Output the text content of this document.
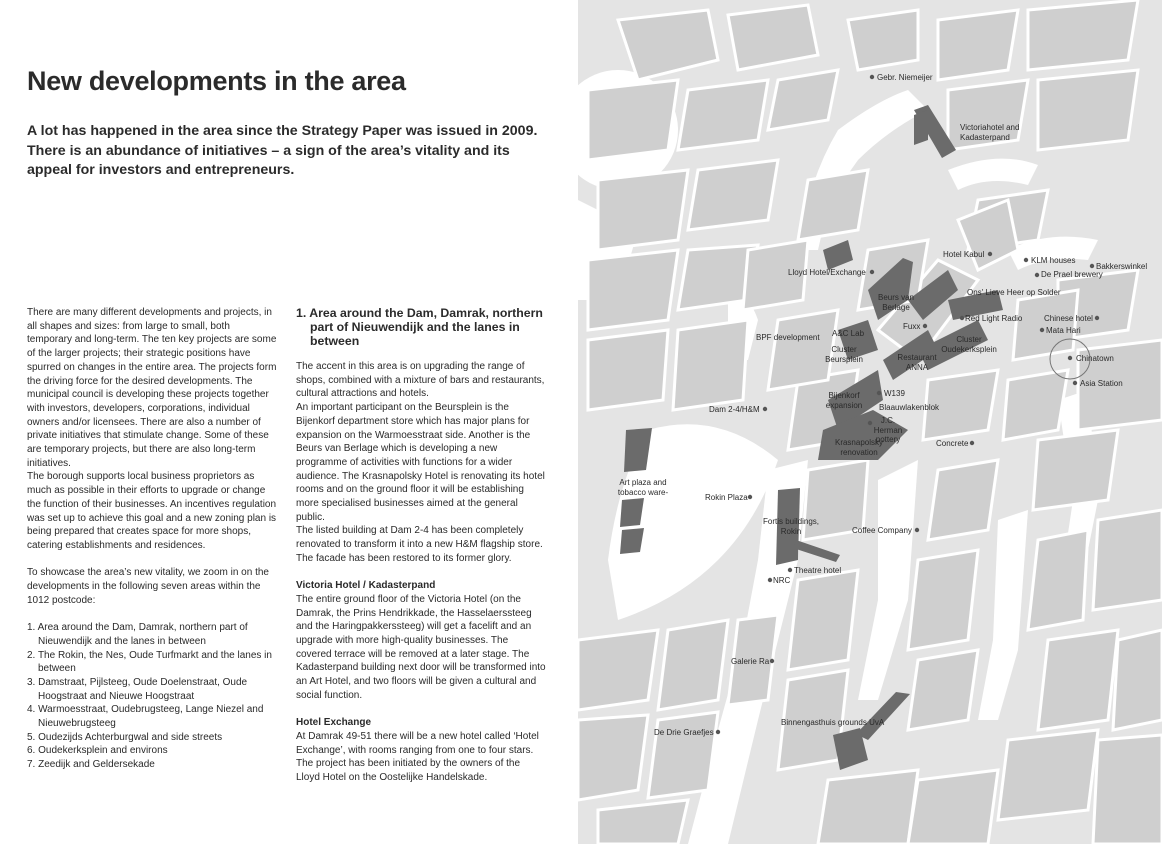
New developments in the area

A lot has happened in the area since the Strategy Paper was issued in 2009. There is an abundance of initiatives – a sign of the area’s vitality and its appeal for investors and entrepreneurs.

There are many different developments and projects, in all shapes and sizes: from large to small, both temporary and long-term. The ten key projects are some of the larger projects; their strategic positions have spurred on changes in the entire area. The projects form the driving force for the desired developments. The municipal council is developing these projects together with investors, developers, corporations, individual owners and/or licensees. There are also a number of private initiatives that stimulate change. Some of these are temporary projects, but there are also long-term initiatives.

The borough supports local business proprietors as much as possible in their efforts to upgrade or change the function of their businesses. An incentives regulation was set up to achieve this goal and a new zoning plan is being prepared that creates space for more shops, catering establishments and residences.

To showcase the area’s new vitality, we zoom in on the developments in the following seven areas within the 1012 postcode:

1. Area around the Dam, Damrak, northern part of Nieuwendijk and the lanes in between
2. The Rokin, the Nes, Oude Turfmarkt and the lanes in between
3. Damstraat, Pijlsteeg, Oude Doelenstraat, Oude Hoogstraat and Nieuwe Hoogstraat
4. Warmoesstraat, Oudebrugsteeg, Lange Niezel and Nieuwebrugsteeg
5. Oudezijds Achterburgwal and side streets
6. Oudekerksplein and environs
7. Zeedijk and Geldersekade
1. Area around the Dam, Damrak, northern part of Nieuwendijk and the lanes in between

The accent in this area is on upgrading the range of shops, combined with a mixture of bars and restaurants, cultural attractions and hotels.

An important participant on the Beursplein is the Bijenkorf department store which has major plans for expansion on the Warmoesstraat side. Another is the Beurs van Berlage which is developing a new programme of activities with functions for a wider audience. The Krasnapolsky Hotel is renovating its hotel rooms and on the ground floor it will be establishing more specialised businesses aimed at the general public.

The listed building at Dam 2-4 has been completely renovated to transform it into a new H&M flagship store. The facade has been restored to its former glory.

Victoria Hotel / Kadasterpand

The entire ground floor of the Victoria Hotel (on the Damrak, the Prins Hendrikkade, the Hasselaerssteeg and the Haringpakkerssteeg) will get a facelift and an upgrade with more high-quality businesses. The covered terrace will be removed at a later stage. The Kadasterpand building next door will be transformed into an Art Hotel, and two floors will be given a cultural and social function.

Hotel Exchange

At Damrak 49-51 there will be a new hotel called ‘Hotel Exchange’, with rooms ranging from one to four stars. The project has been initiated by the owners of the Lloyd Hotel on the Oostelijke Handelskade.

Gebr. Niemeijer
Victoriahotel and Kadasterpand
Hotel Kabul
KLM houses
Bakkerswinkel
De Prael brewery
Lloyd Hotel/Exchange
Ons' Lieve Heer op Solder
Beurs van Berlage
Red Light Radio	Chinese hotel
Mata Hari
BPF development A&C Lab
Fuxx
Cluster Beursplein
Cluster Oudekerksplein
Chinatown
Restaurant ANNA
Asia Station
W139
Bijenkorf expansion	Blaauwlakenblok
Dam 2-4/H&M
J.C. Herman pottery
Krasnapolsky renovation
Concrete
Art plaza and tobacco ware-
Rokin Plaza
Fortis buildings, Rokin	Coffee Company
Theatre hotel
NRC
Galerie Ra
Binnengasthuis grounds UvA
De Drie Graefjes
